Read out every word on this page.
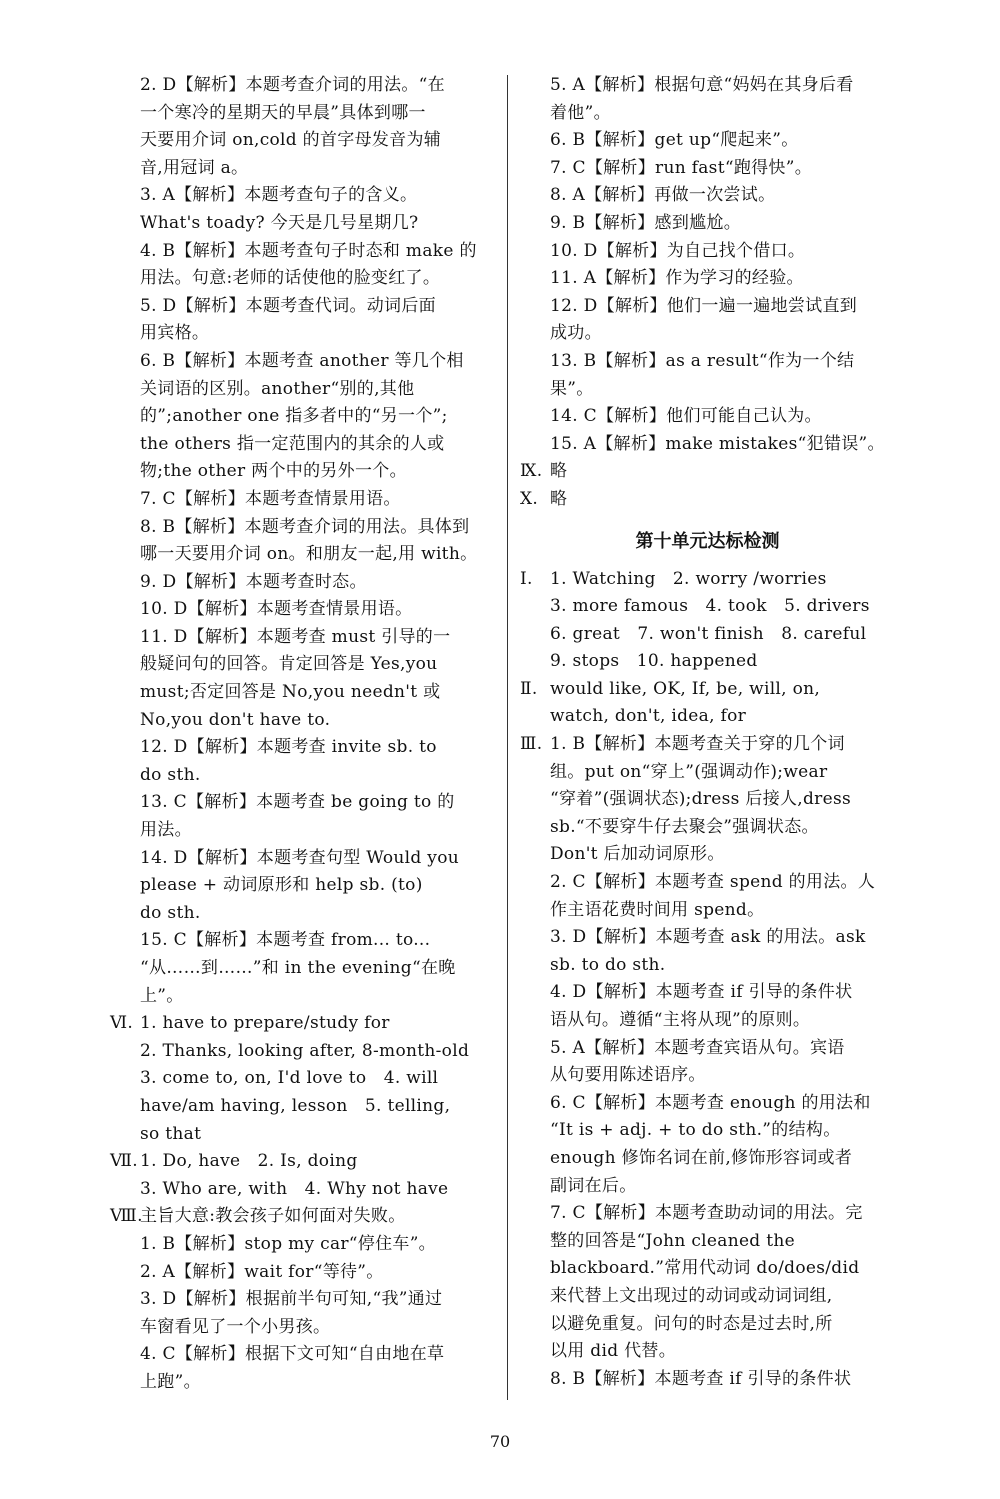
2. D【解析】本题考查介词的用法。“在
一个寒冷的星期天的早晨”具体到哪一
天要用介词 on,cold 的首字母发音为辅
音,用冠词 a。
3. A【解析】本题考查句子的含义。
What's toady? 今天是几号星期几?
4. B【解析】本题考查句子时态和 make 的
用法。句意:老师的话使他的脸变红了。
5. D【解析】本题考查代词。动词后面
用宾格。
6. B【解析】本题考查 another 等几个相
关词语的区别。another“别的,其他
的”;another one 指多者中的“另一个”;
the others 指一定范围内的其余的人或
物;the other 两个中的另外一个。
7. C【解析】本题考查情景用语。
8. B【解析】本题考查介词的用法。具体到
哪一天要用介词 on。和朋友一起,用 with。
9. D【解析】本题考查时态。
10. D【解析】本题考查情景用语。
11. D【解析】本题考查 must 引导的一
般疑问句的回答。肯定回答是 Yes,you
must;否定回答是 No,you needn't 或
No,you don't have to.
12. D【解析】本题考查 invite sb. to
do sth.
13. C【解析】本题考查 be going to 的
用法。
14. D【解析】本题考查句型 Would you
please + 动词原形和 help sb. (to)
do sth.
15. C【解析】本题考查 from... to...
“从……到……”和 in the evening“在晚
上”。
Ⅵ. 1. have to prepare/study for
2. Thanks, looking after, 8-month-old
3. come to, on, I'd love to　4. will
have/am having, lesson　5. telling,
so that
Ⅶ. 1. Do, have　2. Is, doing
3. Who are, with　4. Why not have
Ⅷ.主旨大意:教会孩子如何面对失败。
1. B【解析】stop my car“停住车”。
2. A【解析】wait for“等待”。
3. D【解析】根据前半句可知,“我”通过
车窗看见了一个小男孩。
4. C【解析】根据下文可知“自由地在草
上跑”。
5. A【解析】根据句意“妈妈在其身后看
着他”。
6. B【解析】get up“爬起来”。
7. C【解析】run fast“跑得快”。
8. A【解析】再做一次尝试。
9. B【解析】感到尴尬。
10. D【解析】为自己找个借口。
11. A【解析】作为学习的经验。
12. D【解析】他们一遍一遍地尝试直到
成功。
13. B【解析】as a result“作为一个结
果”。
14. C【解析】他们可能自己认为。
15. A【解析】make mistakes“犯错误”。
Ⅸ. 略
Ⅹ. 略
第十单元达标检测
Ⅰ. 1. Watching　2. worry /worries
3. more famous　4. took　5. drivers
6. great　7. won't finish　8. careful
9. stops　10. happened
Ⅱ. would like, OK, If, be, will, on,
watch, don't, idea, for
Ⅲ. 1. B【解析】本题考查关于穿的几个词
组。put on“穿上”(强调动作);wear
“穿着”(强调状态);dress 后接人,dress
sb.“不要穿牛仔去聚会”强调状态。
Don't 后加动词原形。
2. C【解析】本题考查 spend 的用法。人
作主语花费时间用 spend。
3. D【解析】本题考查 ask 的用法。ask
sb. to do sth.
4. D【解析】本题考查 if 引导的条件状
语从句。遵循“主将从现”的原则。
5. A【解析】本题考查宾语从句。宾语
从句要用陈述语序。
6. C【解析】本题考查 enough 的用法和
“It is + adj. + to do sth.”的结构。
enough 修饰名词在前,修饰形容词或者
副词在后。
7. C【解析】本题考查助动词的用法。完
整的回答是“John cleaned the
blackboard.”常用代动词 do/does/did
来代替上文出现过的动词或动词词组,
以避免重复。问句的时态是过去时,所
以用 did 代替。
8. B【解析】本题考查 if 引导的条件状
70
